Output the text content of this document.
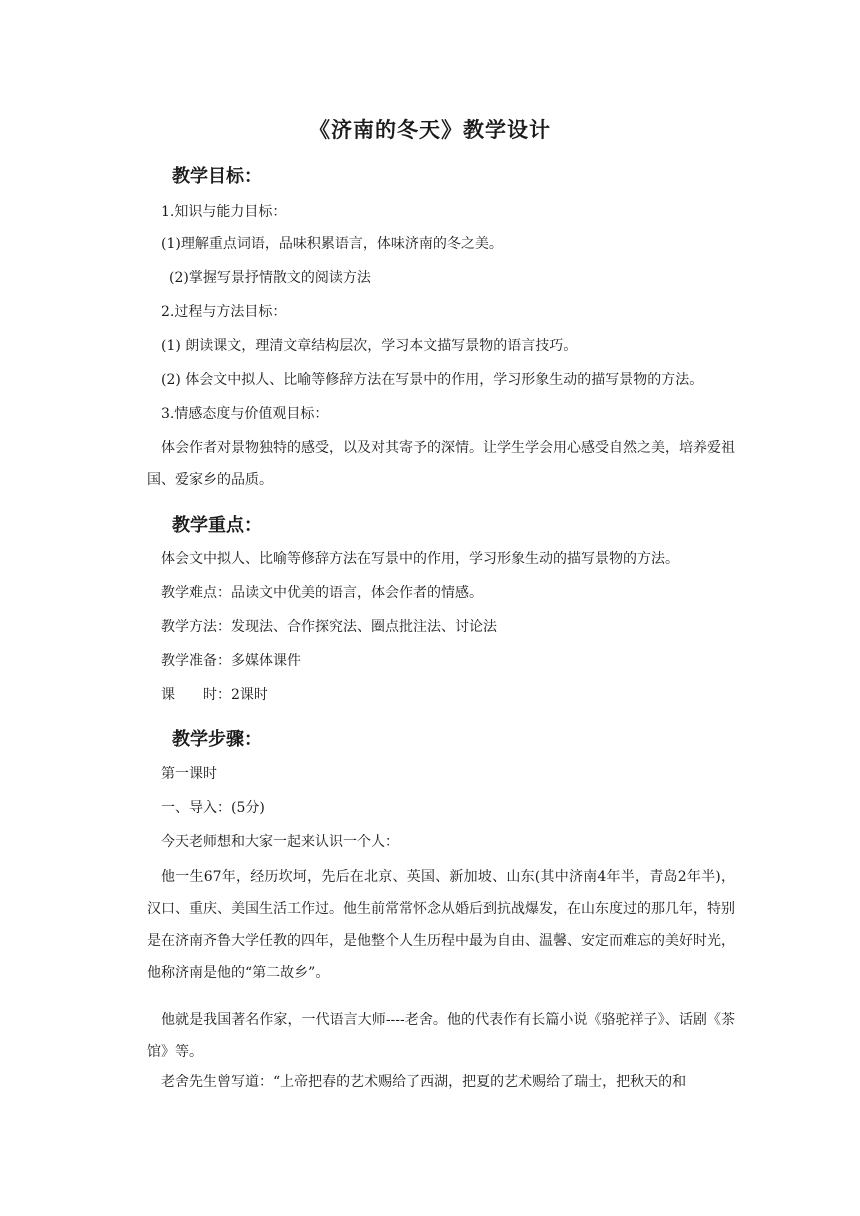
《济南的冬天》教学设计
教学目标：
1.知识与能力目标：
(1)理解重点词语，品味积累语言，体味济南的冬之美。
(2)掌握写景抒情散文的阅读方法
2.过程与方法目标：
(1) 朗读课文，理清文章结构层次，学习本文描写景物的语言技巧。
(2) 体会文中拟人、比喻等修辞方法在写景中的作用，学习形象生动的描写景物的方法。
3.情感态度与价值观目标：
体会作者对景物独特的感受，以及对其寄予的深情。让学生学会用心感受自然之美，培养爱祖国、爱家乡的品质。
教学重点：
体会文中拟人、比喻等修辞方法在写景中的作用，学习形象生动的描写景物的方法。
教学难点：品读文中优美的语言，体会作者的情感。
教学方法：发现法、合作探究法、圈点批注法、讨论法
教学准备：多媒体课件
课　　时：2课时
教学步骤：
第一课时
一、导入：(5分)
今天老师想和大家一起来认识一个人：
他一生67年，经历坎坷，先后在北京、英国、新加坡、山东(其中济南4年半，青岛2年半)，汉口、重庆、美国生活工作过。他生前常常怀念从婚后到抗战爆发，在山东度过的那几年，特别是在济南齐鲁大学任教的四年，是他整个人生历程中最为自由、温馨、安定而难忘的美好时光，他称济南是他的“第二故乡”。
他就是我国著名作家，一代语言大师----老舍。他的代表作有长篇小说《骆驼祥子》、话剧《茶馆》等。
老舍先生曾写道：“上帝把春的艺术赐给了西湖，把夏的艺术赐给了瑞士，把秋天的和
